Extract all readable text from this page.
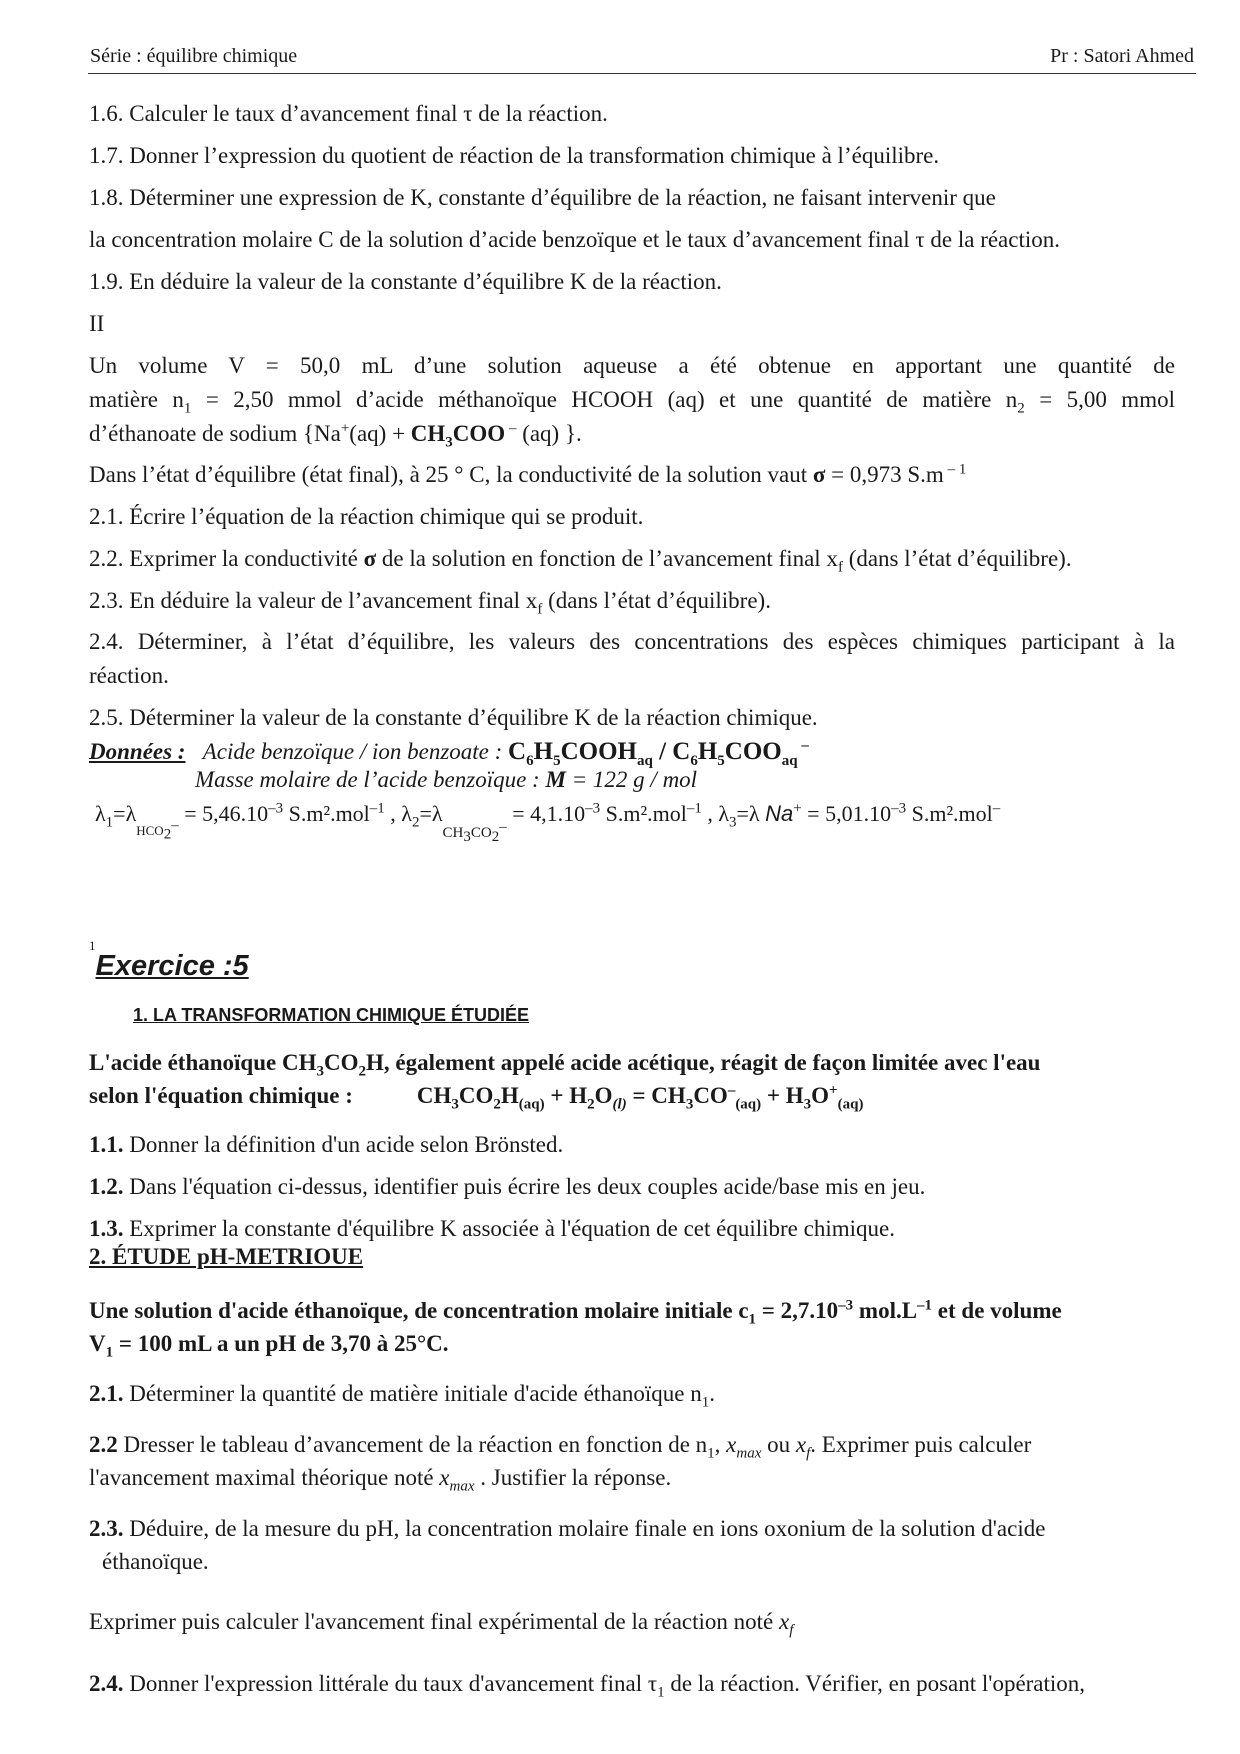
Série : équilibre chimique	Pr : Satori Ahmed
1.6. Calculer le taux d’avancement final τ de la réaction.
1.7. Donner l’expression du quotient de réaction de la transformation chimique à l’équilibre.
1.8. Déterminer une expression de K, constante d’équilibre de la réaction, ne faisant intervenir que
la concentration molaire C de la solution d’acide benzoïque et le taux d’avancement final τ de la réaction.
1.9. En déduire la valeur de la constante d’équilibre K de la réaction.
II
Un volume V = 50,0 mL d’une solution aqueuse a été obtenue en apportant une quantité de
matière $n_1 = 2,50$ mmol d’acide méthanoïque HCOOH (aq) et une quantité de matière $n_2 = 5,00$ mmol
d’éthanoate de sodium {$Na^+(aq) + CH_3COO$ – (aq) }.
Dans l’état d’équilibre (état final), à 25 ° C, la conductivité de la solution vaut σ = 0,973 S.m $^{- 1}$
2.1. Écrire l’équation de la réaction chimique qui se produit.
2.2. Exprimer la conductivité σ de la solution en fonction de l’avancement final $x_f$ (dans l’état d’équilibre).
2.3. En déduire la valeur de l’avancement final $x_f$ (dans l’état d’équilibre).
2.4. Déterminer, à l’état d’équilibre, les valeurs des concentrations des espèces chimiques participant à la
réaction.
2.5. Déterminer la valeur de la constante d’équilibre K de la réaction chimique.
Données : Acide benzoïque / ion benzoate : $C_6H_5COOH_{aq} / C_6H_5COO_{aq}$ –
Masse molaire de l’acide benzoïque : M = 122 g / mol
$\lambda_1=\lambda_{HCO_2^-} = 5,46.10^{-3}$ S.m².mol$^{-1}$ , $\lambda_2=\lambda_{CH_3CO_2^-} = 4,1.10^{-3}$ S.m².mol$^{-1}$ , $\lambda_3=\lambda$ $Na^+ = 5,01.10^{-3}$ S.m².mol–
$^1$Exercice :5
1. LA TRANSFORMATION CHIMIQUE ÉTUDIÉE
L'acide éthanoïque $CH_3CO_2H$, également appelé acide acétique, réagit de façon limitée avec l'eau
selon l'équation chimique :	$CH_3CO_2H_{(aq)} + H_2O_{(l)} = CH_3CO^-_{(aq)} + H_3O^+_{(aq)}$
1.1. Donner la définition d'un acide selon Brönsted.
1.2. Dans l'équation ci-dessus, identifier puis écrire les deux couples acide/base mis en jeu.
1.3. Exprimer la constante d'équilibre K associée à l'équation de cet équilibre chimique.
2. ÉTUDE pH-METRIOUE
Une solution d'acide éthanoïque, de concentration molaire initiale $c_1 = 2,7.10^{-3}$ $mol.L^{-1}$ et de volume
$V_1 = 100$ mL a un pH de 3,70 à 25°C.
2.1. Déterminer la quantité de matière initiale d'acide éthanoïque $n_1$.
2.2 Dresser le tableau d’avancement de la réaction en fonction de $n_1$, $x_{max}$ ou $x_f$. Exprimer puis calculer
l'avancement maximal théorique noté $x_{max}$ . Justifier la réponse.
2.3. Déduire, de la mesure du pH, la concentration molaire finale en ions oxonium de la solution d'acide
éthanoïque.
Exprimer puis calculer l'avancement final expérimental de la réaction noté $x_f$
2.4. Donner l'expression littérale du taux d'avancement final $\tau_1$ de la réaction. Vérifier, en posant l'opération,
